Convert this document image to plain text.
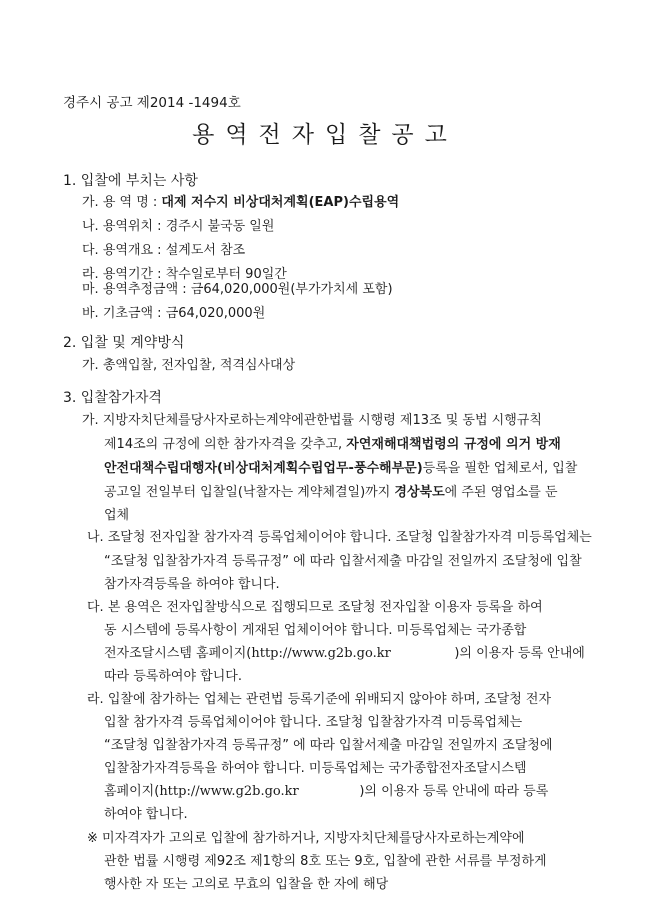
경주시 공고 제2014 -1494호
용역전자입찰공고
1. 입찰에 부치는 사항
가. 용 역 명 : 대제 저수지 비상대처계획(EAP)수립용역
나. 용역위치 : 경주시 불국동 일원
다. 용역개요 : 설계도서 참조
라. 용역기간 : 착수일로부터 90일간
마. 용역추정금액 : 금64,020,000원(부가가치세 포함)
바. 기초금액 : 금64,020,000원
2. 입찰 및 계약방식
가. 총액입찰, 전자입찰, 적격심사대상
3. 입찰참가자격
가. 지방자치단체를당사자로하는계약에관한법률 시행령 제13조 및 동법 시행규칙
제14조의 규정에 의한 참가자격을 갖추고, 자연재해대책법령의 규정에 의거 방재
안전대책수립대행자(비상대처계획수립업무-풍수해부문)등록을 필한 업체로서, 입찰
공고일 전일부터 입찰일(낙찰자는 계약체결일)까지 경상북도에 주된 영업소를 둔
업체
나. 조달청 전자입찰 참가자격 등록업체이어야 합니다. 조달청 입찰참가자격 미등록업체는
“조달청 입찰참가자격 등록규정” 에 따라 입찰서제출 마감일 전일까지 조달청에 입찰
참가자격등록을 하여야 합니다.
다. 본 용역은 전자입찰방식으로 집행되므로 조달청 전자입찰 이용자 등록을 하여
동 시스템에 등록사항이 게재된 업체이어야 합니다. 미등록업체는 국가종합
전자조달시스템 홈페이지(http://www.g2b.go.kr	)의 이용자 등록 안내에
따라 등록하여야 합니다.
라. 입찰에 참가하는 업체는 관련법 등록기준에 위배되지 않아야 하며, 조달청 전자
입찰 참가자격 등록업체이어야 합니다. 조달청 입찰참가자격 미등록업체는
“조달청 입찰참가자격 등록규정” 에 따라 입찰서제출 마감일 전일까지 조달청에
입찰참가자격등록을 하여야 합니다. 미등록업체는 국가종합전자조달시스템
홈페이지(http://www.g2b.go.kr	)의 이용자 등록 안내에 따라 등록
하여야 합니다.
※ 미자격자가 고의로 입찰에 참가하거나, 지방자치단체를당사자로하는계약에
관한 법률 시행령 제92조 제1항의 8호 또는 9호, 입찰에 관한 서류를 부정하게
행사한 자 또는 고의로 무효의 입찰을 한 자에 해당
